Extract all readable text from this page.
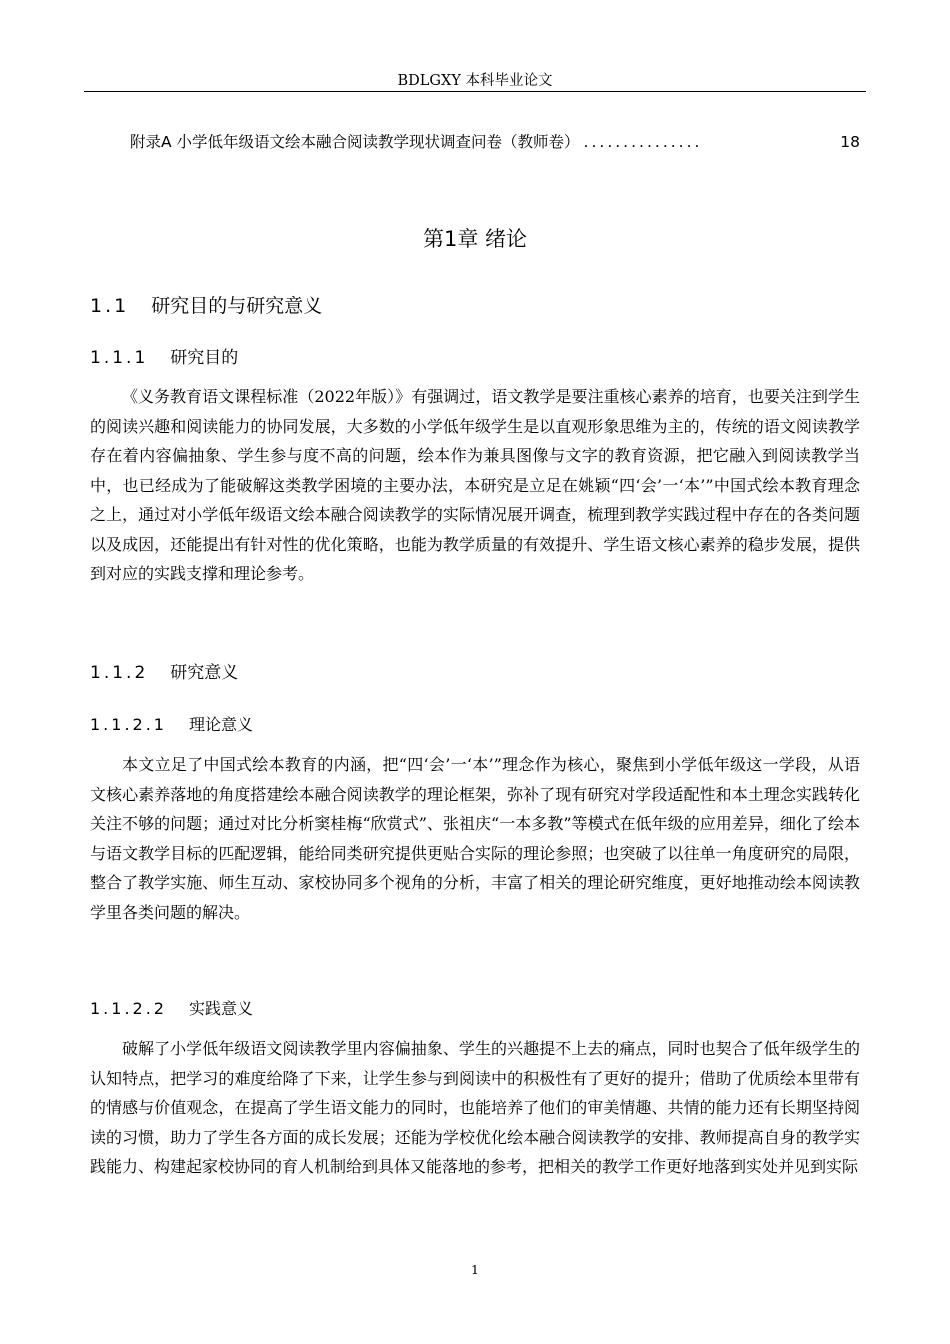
BDLGXY 本科毕业论文
附录A 小学低年级语文绘本融合阅读教学现状调查问卷（教师卷） ...............	18
第1章 绪论
1.1 研究目的与研究意义
1.1.1 研究目的

《义务教育语文课程标准（2022年版）》有强调过，语文教学是要注重核心素养的培育，也要关注到学生的阅读兴趣和阅读能力的协同发展，大多数的小学低年级学生是以直观形象思维为主的，传统的语文阅读教学存在着内容偏抽象、学生参与度不高的问题，绘本作为兼具图像与文字的教育资源，把它融入到阅读教学当中，也已经成为了能破解这类教学困境的主要办法，本研究是立足在姚颖“四‘会’一‘本’”中国式绘本教育理念之上，通过对小学低年级语文绘本融合阅读教学的实际情况展开调查，梳理到教学实践过程中存在的各类问题以及成因，还能提出有针对性的优化策略，也能为教学质量的有效提升、学生语文核心素养的稳步发展，提供到对应的实践支撑和理论参考。

1.1.2 研究意义
1.1.2.1 理论意义

本文立足了中国式绘本教育的内涵，把“四‘会’一‘本’”理念作为核心，聚焦到小学低年级这一学段，从语文核心素养落地的角度搭建绘本融合阅读教学的理论框架，弥补了现有研究对学段适配性和本土理念实践转化关注不够的问题；通过对比分析窦桂梅“欣赏式”、张祖庆“一本多教”等模式在低年级的应用差异，细化了绘本与语文教学目标的匹配逻辑，能给同类研究提供更贴合实际的理论参照；也突破了以往单一角度研究的局限，整合了教学实施、师生互动、家校协同多个视角的分析，丰富了相关的理论研究维度，更好地推动绘本阅读教学里各类问题的解决。

1.1.2.2 实践意义

破解了小学低年级语文阅读教学里内容偏抽象、学生的兴趣提不上去的痛点，同时也契合了低年级学生的认知特点，把学习的难度给降了下来，让学生参与到阅读中的积极性有了更好的提升；借助了优质绘本里带有的情感与价值观念，在提高了学生语文能力的同时，也能培养了他们的审美情趣、共情的能力还有长期坚持阅读的习惯，助力了学生各方面的成长发展；还能为学校优化绘本融合阅读教学的安排、教师提高自身的教学实践能力、构建起家校协同的育人机制给到具体又能落地的参考，把相关的教学工作更好地落到实处并见到实际

1
